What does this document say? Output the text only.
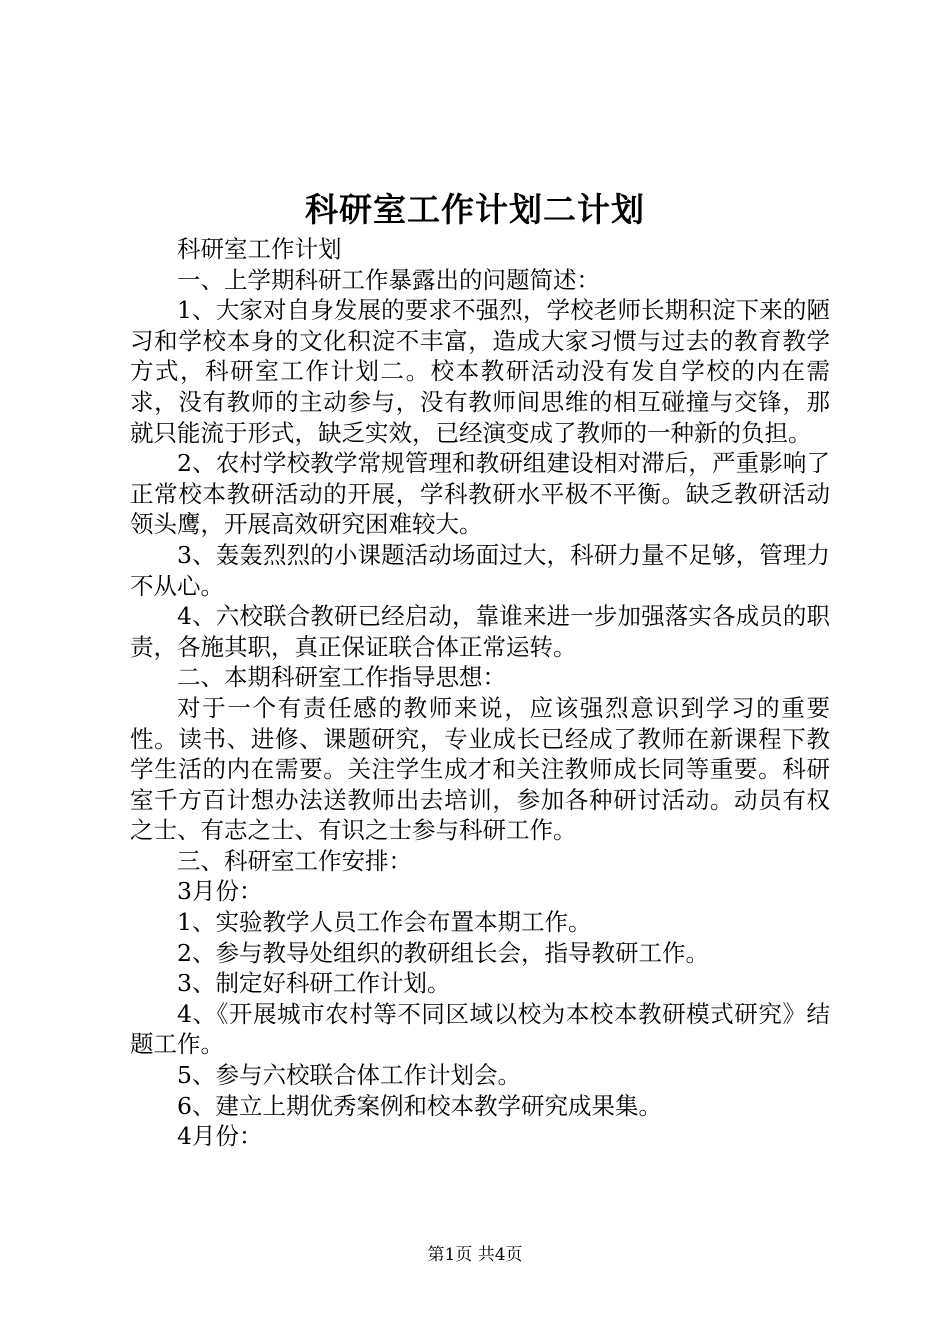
科研室工作计划二计划

科研室工作计划

一、上学期科研工作暴露出的问题简述：

1、大家对自身发展的要求不强烈，学校老师长期积淀下来的陋习和学校本身的文化积淀不丰富，造成大家习惯与过去的教育教学方式，科研室工作计划二。校本教研活动没有发自学校的内在需求，没有教师的主动参与，没有教师间思维的相互碰撞与交锋，那就只能流于形式，缺乏实效，已经演变成了教师的一种新的负担。

2、农村学校教学常规管理和教研组建设相对滞后，严重影响了正常校本教研活动的开展，学科教研水平极不平衡。缺乏教研活动领头鹰，开展高效研究困难较大。

3、轰轰烈烈的小课题活动场面过大，科研力量不足够，管理力不从心。

4、六校联合教研已经启动，靠谁来进一步加强落实各成员的职责，各施其职，真正保证联合体正常运转。

二、本期科研室工作指导思想：

对于一个有责任感的教师来说，应该强烈意识到学习的重要性。读书、进修、课题研究，专业成长已经成了教师在新课程下教学生活的内在需要。关注学生成才和关注教师成长同等重要。科研室千方百计想办法送教师出去培训，参加各种研讨活动。动员有权之士、有志之士、有识之士参与科研工作。

三、科研室工作安排：

3月份：

1、实验教学人员工作会布置本期工作。

2、参与教导处组织的教研组长会，指导教研工作。

3、制定好科研工作计划。

4、《开展城市农村等不同区域以校为本校本教研模式研究》结题工作。

5、参与六校联合体工作计划会。

6、建立上期优秀案例和校本教学研究成果集。

4月份：

第1页 共4页
